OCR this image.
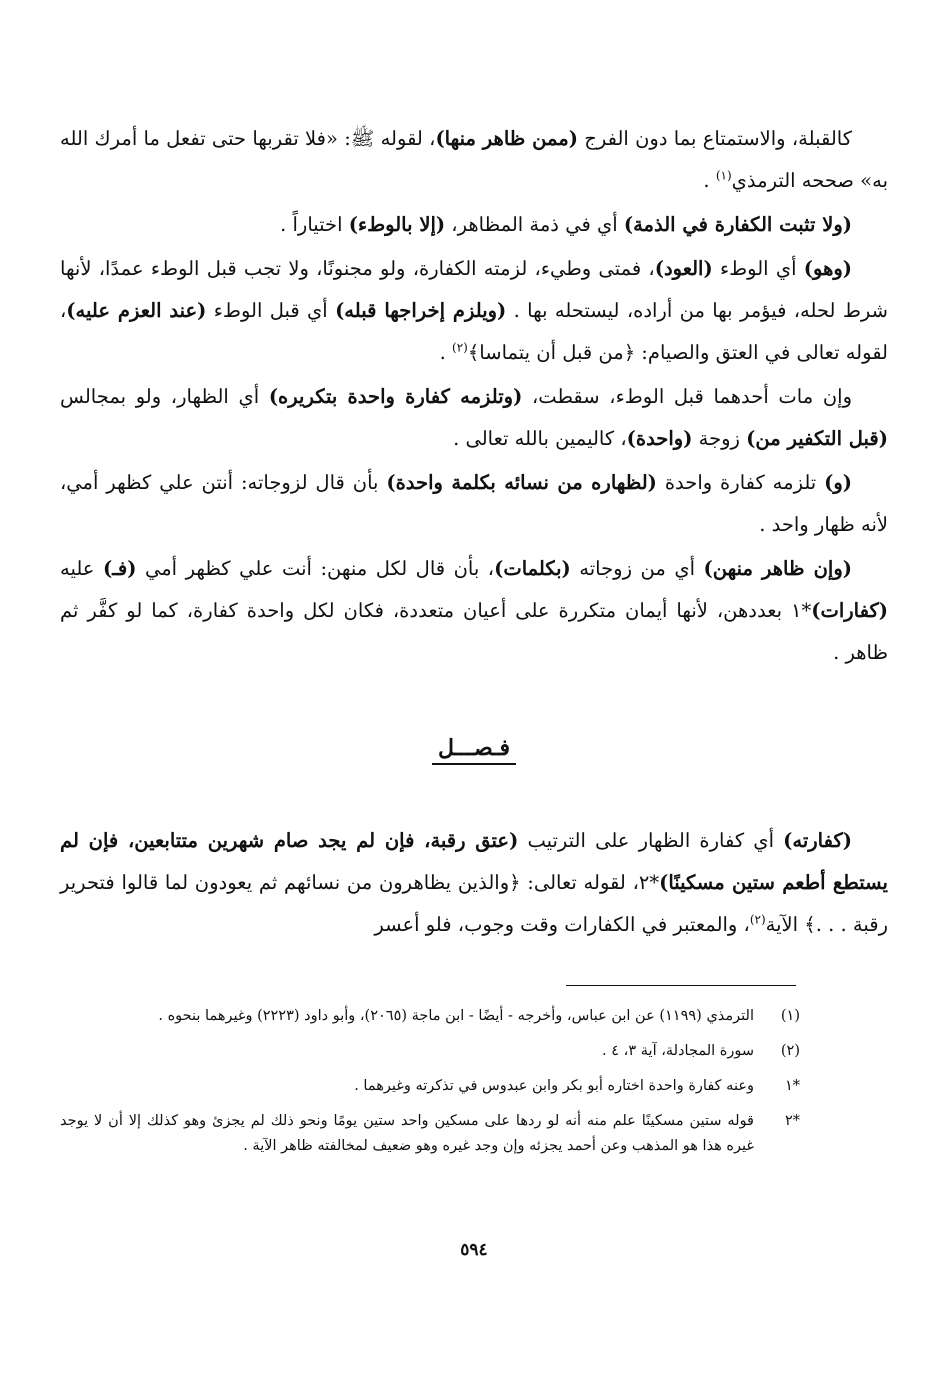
كالقبلة، والاستمتاع بما دون الفرج (ممن ظاهر منها)، لقوله ﷺ: «فلا تقربها حتى تفعل ما أمرك الله به» صححه الترمذي$^{(١)}$ .

(ولا تثبت الكفارة في الذمة) أي في ذمة المظاهر، (إلا بالوطء) اختياراً .

(وهو) أي الوطء (العود)، فمتى وطيء، لزمته الكفارة، ولو مجنونًا، ولا تجب قبل الوطء عمدًا، لأنها شرط لحله، فيؤمر بها من أراده، ليستحله بها . (ويلزم إخراجها قبله) أي قبل الوطء (عند العزم عليه)، لقوله تعالى في العتق والصيام: ﴿من قبل أن يتماسا﴾$^{(٢)}$ .

وإن مات أحدهما قبل الوطء، سقطت، (وتلزمه كفارة واحدة بتكريره) أي الظهار، ولو بمجالس (قبل التكفير من) زوجة (واحدة)، كاليمين بالله تعالى .

(و) تلزمه كفارة واحدة (لظهاره من نسائه بكلمة واحدة) بأن قال لزوجاته: أنتن علي كظهر أمي، لأنه ظهار واحد .

(وإن ظاهر منهن) أي من زوجاته (بكلمات)، بأن قال لكل منهن: أنت علي كظهر أمي (فـ) عليه (كفارات)*١ بعددهن، لأنها أيمان متكررة على أعيان متعددة، فكان لكل واحدة كفارة، كما لو كفَّر ثم ظاهر .

فـصـــل

(كفارته) أي كفارة الظهار على الترتيب (عتق رقبة، فإن لم يجد صام شهرين متتابعين، فإن لم يستطع أطعم ستين مسكينًا)*٢، لقوله تعالى: ﴿والذين يظاهرون من نسائهم ثم يعودون لما قالوا فتحرير رقبة . . .﴾ الآية$^{(٢)}$، والمعتبر في الكفارات وقت وجوب، فلو أعسر

(١)
الترمذي (١١٩٩) عن ابن عباس، وأخرجه - أيضًا - ابن ماجة (٢٠٦٥)، وأبو داود (٢٢٢٣) وغيرهما بنحوه .
(٢)
سورة المجادلة، آية ٣، ٤ .
*١
وعنه كفارة واحدة اختاره أبو بكر وابن عبدوس في تذكرته وغيرهما .
*٢
قوله ستين مسكينًا علم منه أنه لو ردها على مسكين واحد ستين يومًا ونحو ذلك لم يجزئ وهو كذلك إلا أن لا يوجد غيره هذا هو المذهب وعن أحمد يجزئه وإن وجد غيره وهو ضعيف لمخالفته ظاهر الآية .
٥٩٤
